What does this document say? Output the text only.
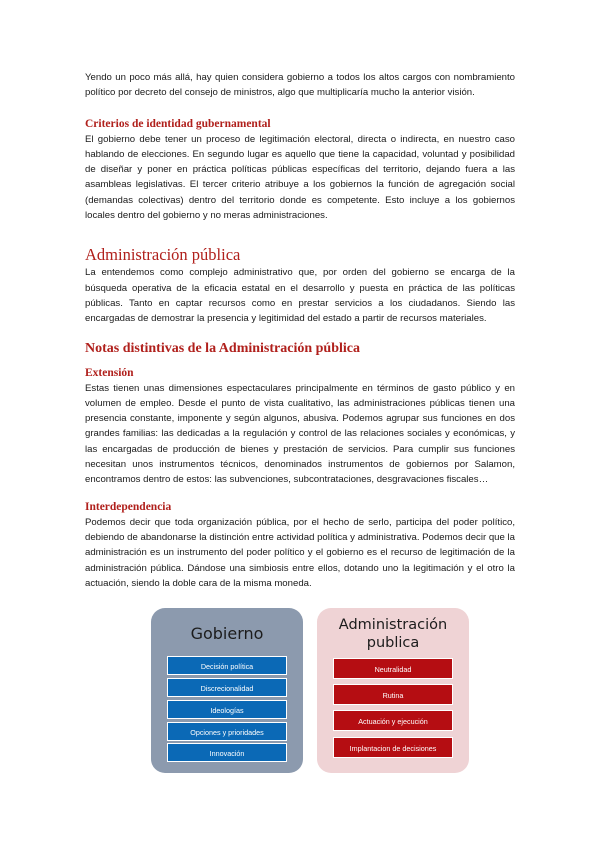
Yendo un poco más allá, hay quien considera gobierno a todos los altos cargos con nombramiento político por decreto del consejo de ministros, algo que multiplicaría mucho la anterior visión.

Criterios de identidad gubernamental

El gobierno debe tener un proceso de legitimación electoral, directa o indirecta, en nuestro caso hablando de elecciones. En segundo lugar es aquello que tiene la capacidad, voluntad y posibilidad de diseñar y poner en práctica políticas públicas específicas del territorio, dejando fuera a las asambleas legislativas. El tercer criterio atribuye a los gobiernos la función de agregación social (demandas colectivas) dentro del territorio donde es competente. Esto incluye a los gobiernos locales dentro del gobierno y no meras administraciones.

Administración pública

La entendemos como complejo administrativo que, por orden del gobierno se encarga de la búsqueda operativa de la eficacia estatal en el desarrollo y puesta en práctica de las políticas públicas. Tanto en captar recursos como en prestar servicios a los ciudadanos. Siendo las encargadas de demostrar la presencia y legitimidad del estado a partir de recursos materiales.

Notas distintivas de la Administración pública
Extensión

Estas tienen unas dimensiones espectaculares principalmente en términos de gasto público y en volumen de empleo. Desde el punto de vista cualitativo, las administraciones públicas tienen una presencia constante, imponente y según algunos, abusiva. Podemos agrupar sus funciones en dos grandes familias: las dedicadas a la regulación y control de las relaciones sociales y económicas, y las encargadas de producción de bienes y prestación de servicios. Para cumplir sus funciones necesitan unos instrumentos técnicos, denominados instrumentos de gobiernos por Salamon, encontramos dentro de estos: las subvenciones, subcontrataciones, desgravaciones fiscales…

Interdependencia

Podemos decir que toda organización pública, por el hecho de serlo, participa del poder político, debiendo de abandonarse la distinción entre actividad política y administrativa. Podemos decir que la administración es un instrumento del poder político y el gobierno es el recurso de legitimación de la administración pública. Dándose una simbiosis entre ellos, dotando uno la legitimación y el otro la actuación, siendo la doble cara de la misma moneda.

Gobierno
Decisión política
Discrecionalidad
Ideologías
Opciones y prioridades
Innovación
Administración
publica
Neutralidad
Rutina
Actuación y ejecución
Implantacion de decisiones
